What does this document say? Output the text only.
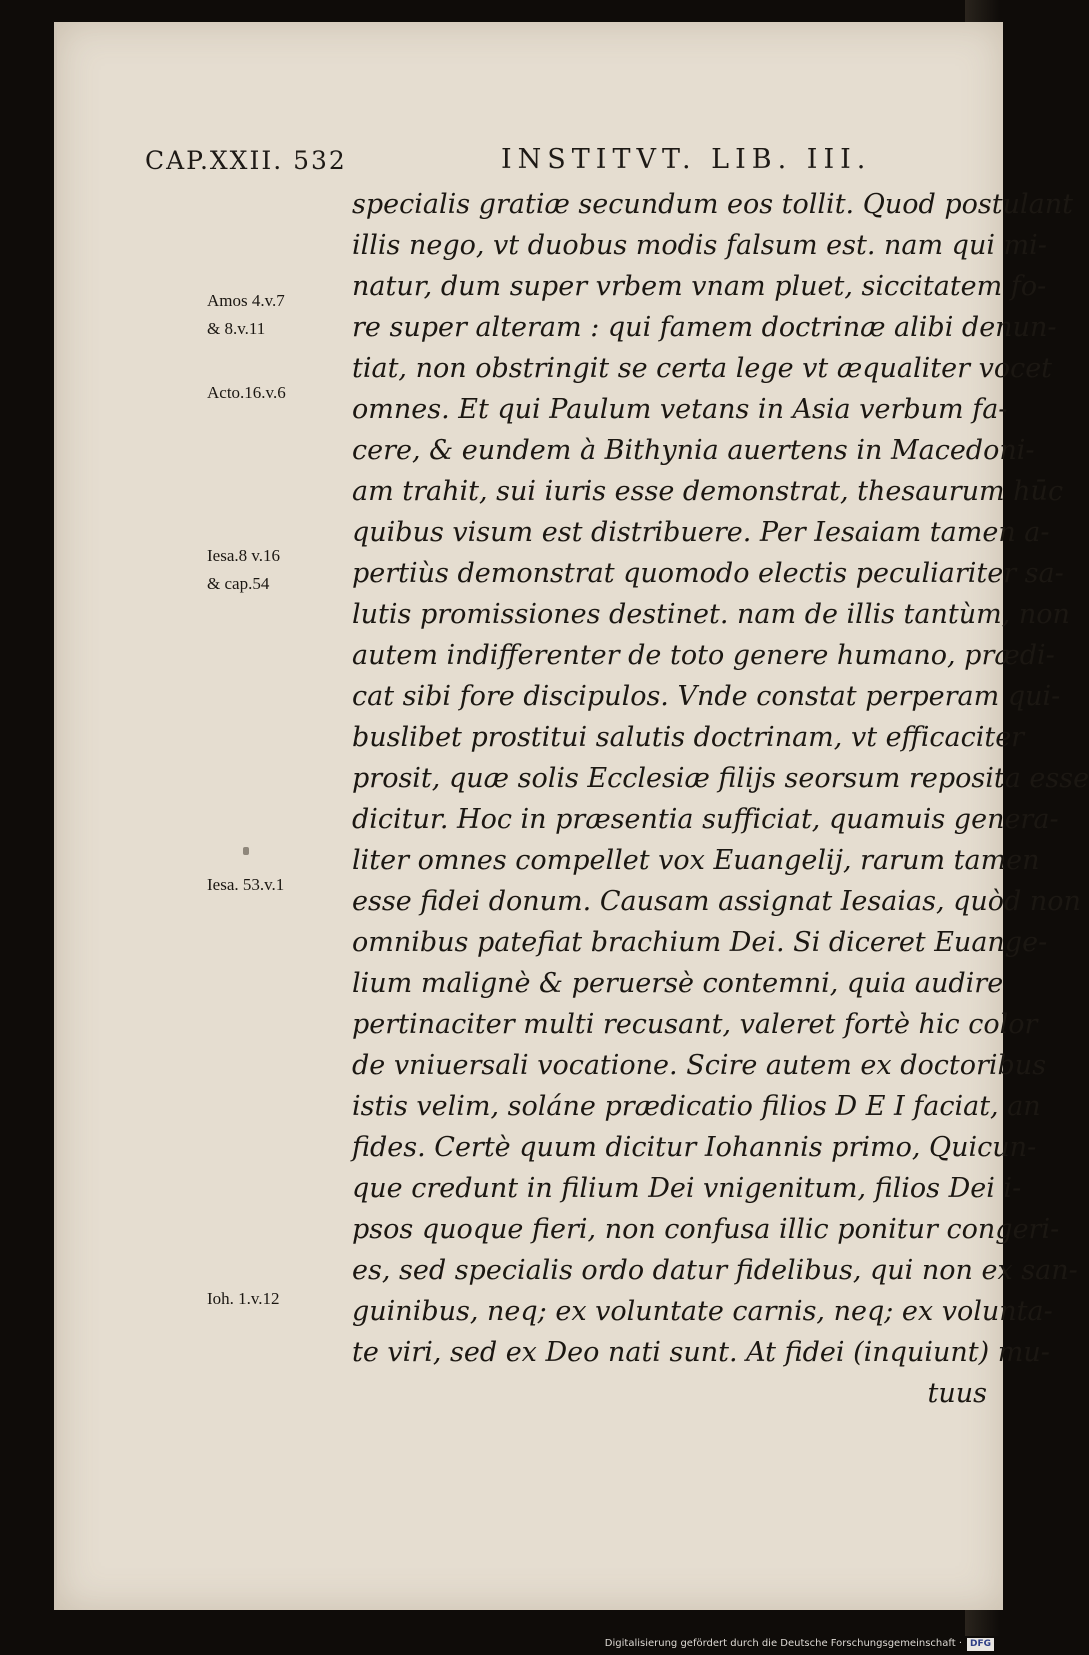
CAP.XXII. 532	INSTITVT. LIB. III.
Amos 4.v.7
& 8.v.11
Acto.16.v.6
Iesa.8 v.16
& cap.54
Iesa. 53.v.1
Ioh. 1.v.12
specialis gratiæ secundum eos tollit. Quod postulant
illis nego, vt duobus modis falsum est. nam qui mi-
natur, dum super vrbem vnam pluet, siccitatem fo-
re super alteram : qui famem doctrinæ alibi denun-
tiat, non obstringit se certa lege vt æqualiter vocet
omnes. Et qui Paulum vetans in Asia verbum fa-
cere, & eundem à Bithynia auertens in Macedoni-
am trahit, sui iuris esse demonstrat, thesaurum hūc
quibus visum est distribuere. Per Iesaiam tamen a-
pertiùs demonstrat quomodo electis peculiariter sa-
lutis promissiones destinet. nam de illis tantùm, non
autem indifferenter de toto genere humano, prædi-
cat sibi fore discipulos. Vnde constat perperam qui-
buslibet prostitui salutis doctrinam, vt efficaciter
prosit, quæ solis Ecclesiæ filijs seorsum reposita esse
dicitur. Hoc in præsentia sufficiat, quamuis genera-
liter omnes compellet vox Euangelij, rarum tamen
esse fidei donum. Causam assignat Iesaias, quòd non
omnibus patefiat brachium Dei. Si diceret Euange-
lium malignè & peruersè contemni, quia audire
pertinaciter multi recusant, valeret fortè hic color
de vniuersali vocatione. Scire autem ex doctoribus
istis velim, soláne prædicatio filios D E I faciat, an
fides. Certè quum dicitur Iohannis primo, Quicun-
que credunt in filium Dei vnigenitum, filios Dei i-
psos quoque fieri, non confusa illic ponitur congeri-
es, sed specialis ordo datur fidelibus, qui non ex san-
guinibus, neq; ex voluntate carnis, neq; ex volunta-
te viri, sed ex Deo nati sunt. At fidei (inquiunt) mu-
tuus
Digitalisierung gefördert durch die Deutsche Forschungsgemeinschaft · DFG
